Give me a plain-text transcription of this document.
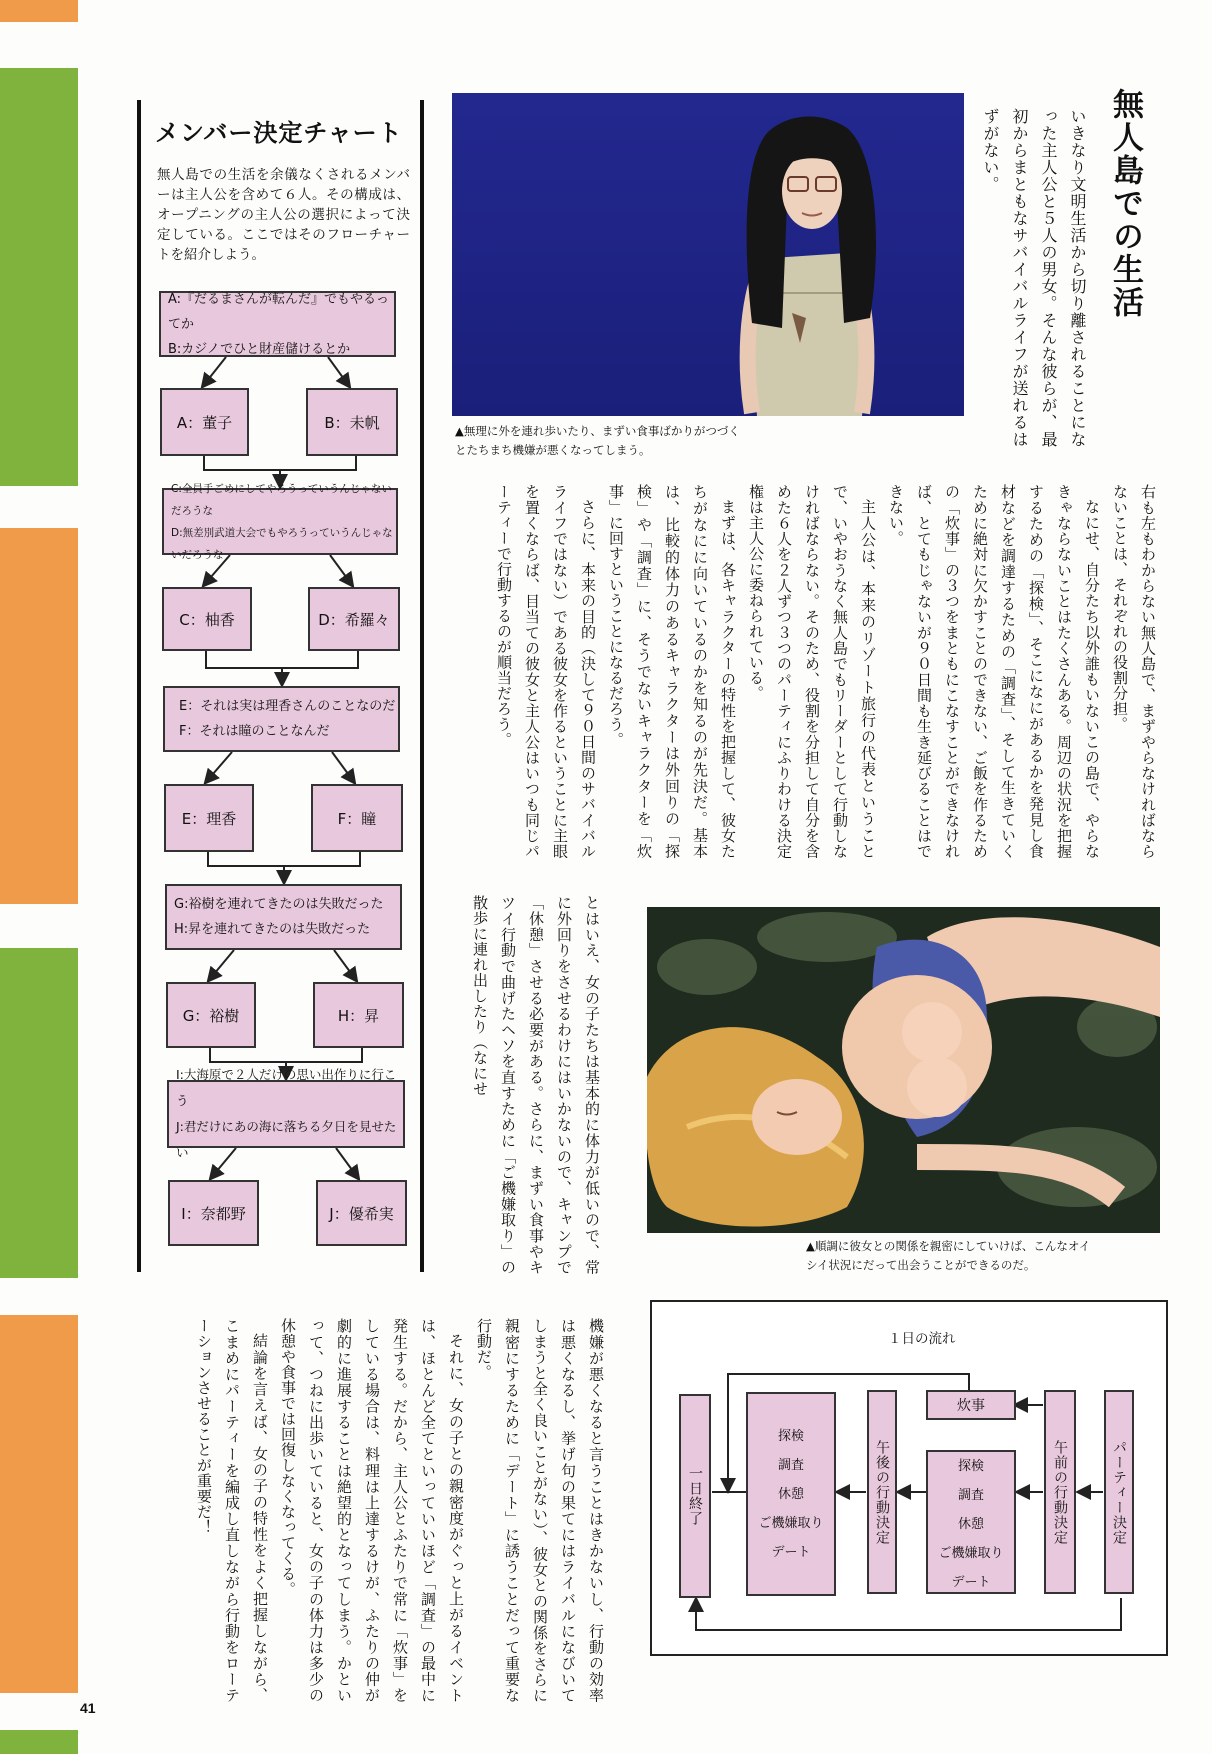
41
メンバー決定チャート
無人島での生活を余儀なくされるメンバーは主人公を含めて６人。その構成は、オープニングの主人公の選択によって決定している。ここではそのフローチャートを紹介しよう。
A:『だるまさんが転んだ』でもやるってか
B:カジノでひと財産儲けるとか
A：董子	B：未帆
C:全員手ごめにしてやろうっていうんじゃないだろうな
D:無差別武道大会でもやろうっていうんじゃないだろうな
C：柚香	D：希羅々
E：それは実は理香さんのことなのだ
F：それは瞳のことなんだ
E：理香	F：瞳
G:裕樹を連れてきたのは失敗だった
H:昇を連れてきたのは失敗だった
G：裕樹	H：昇
I:大海原で２人だけの思い出作りに行こう
J:君だけにあの海に落ちる夕日を見せたい
I：奈都野	J：優希実
▲無理に外を連れ歩いたり、まずい食事ばかりがつづく
とたちまち機嫌が悪くなってしまう。
無人島での生活

いきなり文明生活から切り離されることになった主人公と５人の男女。そんな彼らが、最初からまともなサバイバルライフが送れるはずがない。

右も左もわからない無人島で、まずやらなければならないことは、それぞれの役割分担。

なにせ、自分たち以外誰もいないこの島で、やらなきゃならないことはたくさんある。周辺の状況を把握するための「探検」、そこになにがあるかを発見し食材などを調達するための「調査」、そして生きていくために絶対に欠かすことのできない、ご飯を作るための「炊事」の３つをまともにこなすことができなければ、とてもじゃないが９０日間も生き延びることはできない。

主人公は、本来のリゾート旅行の代表ということで、いやおうなく無人島でもリーダーとして行動しなければならない。そのため、役割を分担して自分を含めた６人を２人ずつ３つのパーティにふりわける決定権は主人公に委ねられている。

まずは、各キャラクターの特性を把握して、彼女たちがなにに向いているのかを知るのが先決だ。基本は、比較的体力のあるキャラクターは外回りの「探検」や「調査」に、そうでないキャラクターを「炊事」に回すということになるだろう。

さらに、本来の目的（決して９０日間のサバイバルライフではない）である彼女を作るということに主眼を置くならば、目当ての彼女と主人公はいつも同じパーティーで行動するのが順当だろう。

とはいえ、女の子たちは基本的に体力が低いので、常に外回りをさせるわけにはいかないので、キャンプで「休憩」させる必要がある。さらに、まずい食事やキツイ行動で曲げたヘソを直すために「ご機嫌取り」の散歩に連れ出したり（なにせ

▲順調に彼女との関係を親密にしていけば、こんなオイ
シイ状況にだって出会うことができるのだ。

機嫌が悪くなると言うことはきかないし、行動の効率は悪くなるし、挙げ句の果てにはライバルになびいてしまうと全く良いことがない）、彼女との関係をさらに親密にするために「デート」に誘うことだって重要な行動だ。

それに、女の子との親密度がぐっと上がるイベントは、ほとんど全てといっていいほど「調査」の最中に発生する。だから、主人公とふたりで常に「炊事」をしている場合は、料理は上達するけが、ふたりの仲が劇的に進展することは絶望的となってしまう。かといって、つねに出歩いていると、女の子の体力は多少の休憩や食事では回復しなくなってくる。

結論を言えば、女の子の特性をよく把握しながら、こまめにパーティーを編成し直しながら行動をローテーションさせることが重要だ！	１日の流れ
パーティー決定
午前の行動決定
炊事
探検
調査
休憩
ご機嫌取り
デート
午後の行動決定
探検
調査
休憩
ご機嫌取り
デート
一日終了
